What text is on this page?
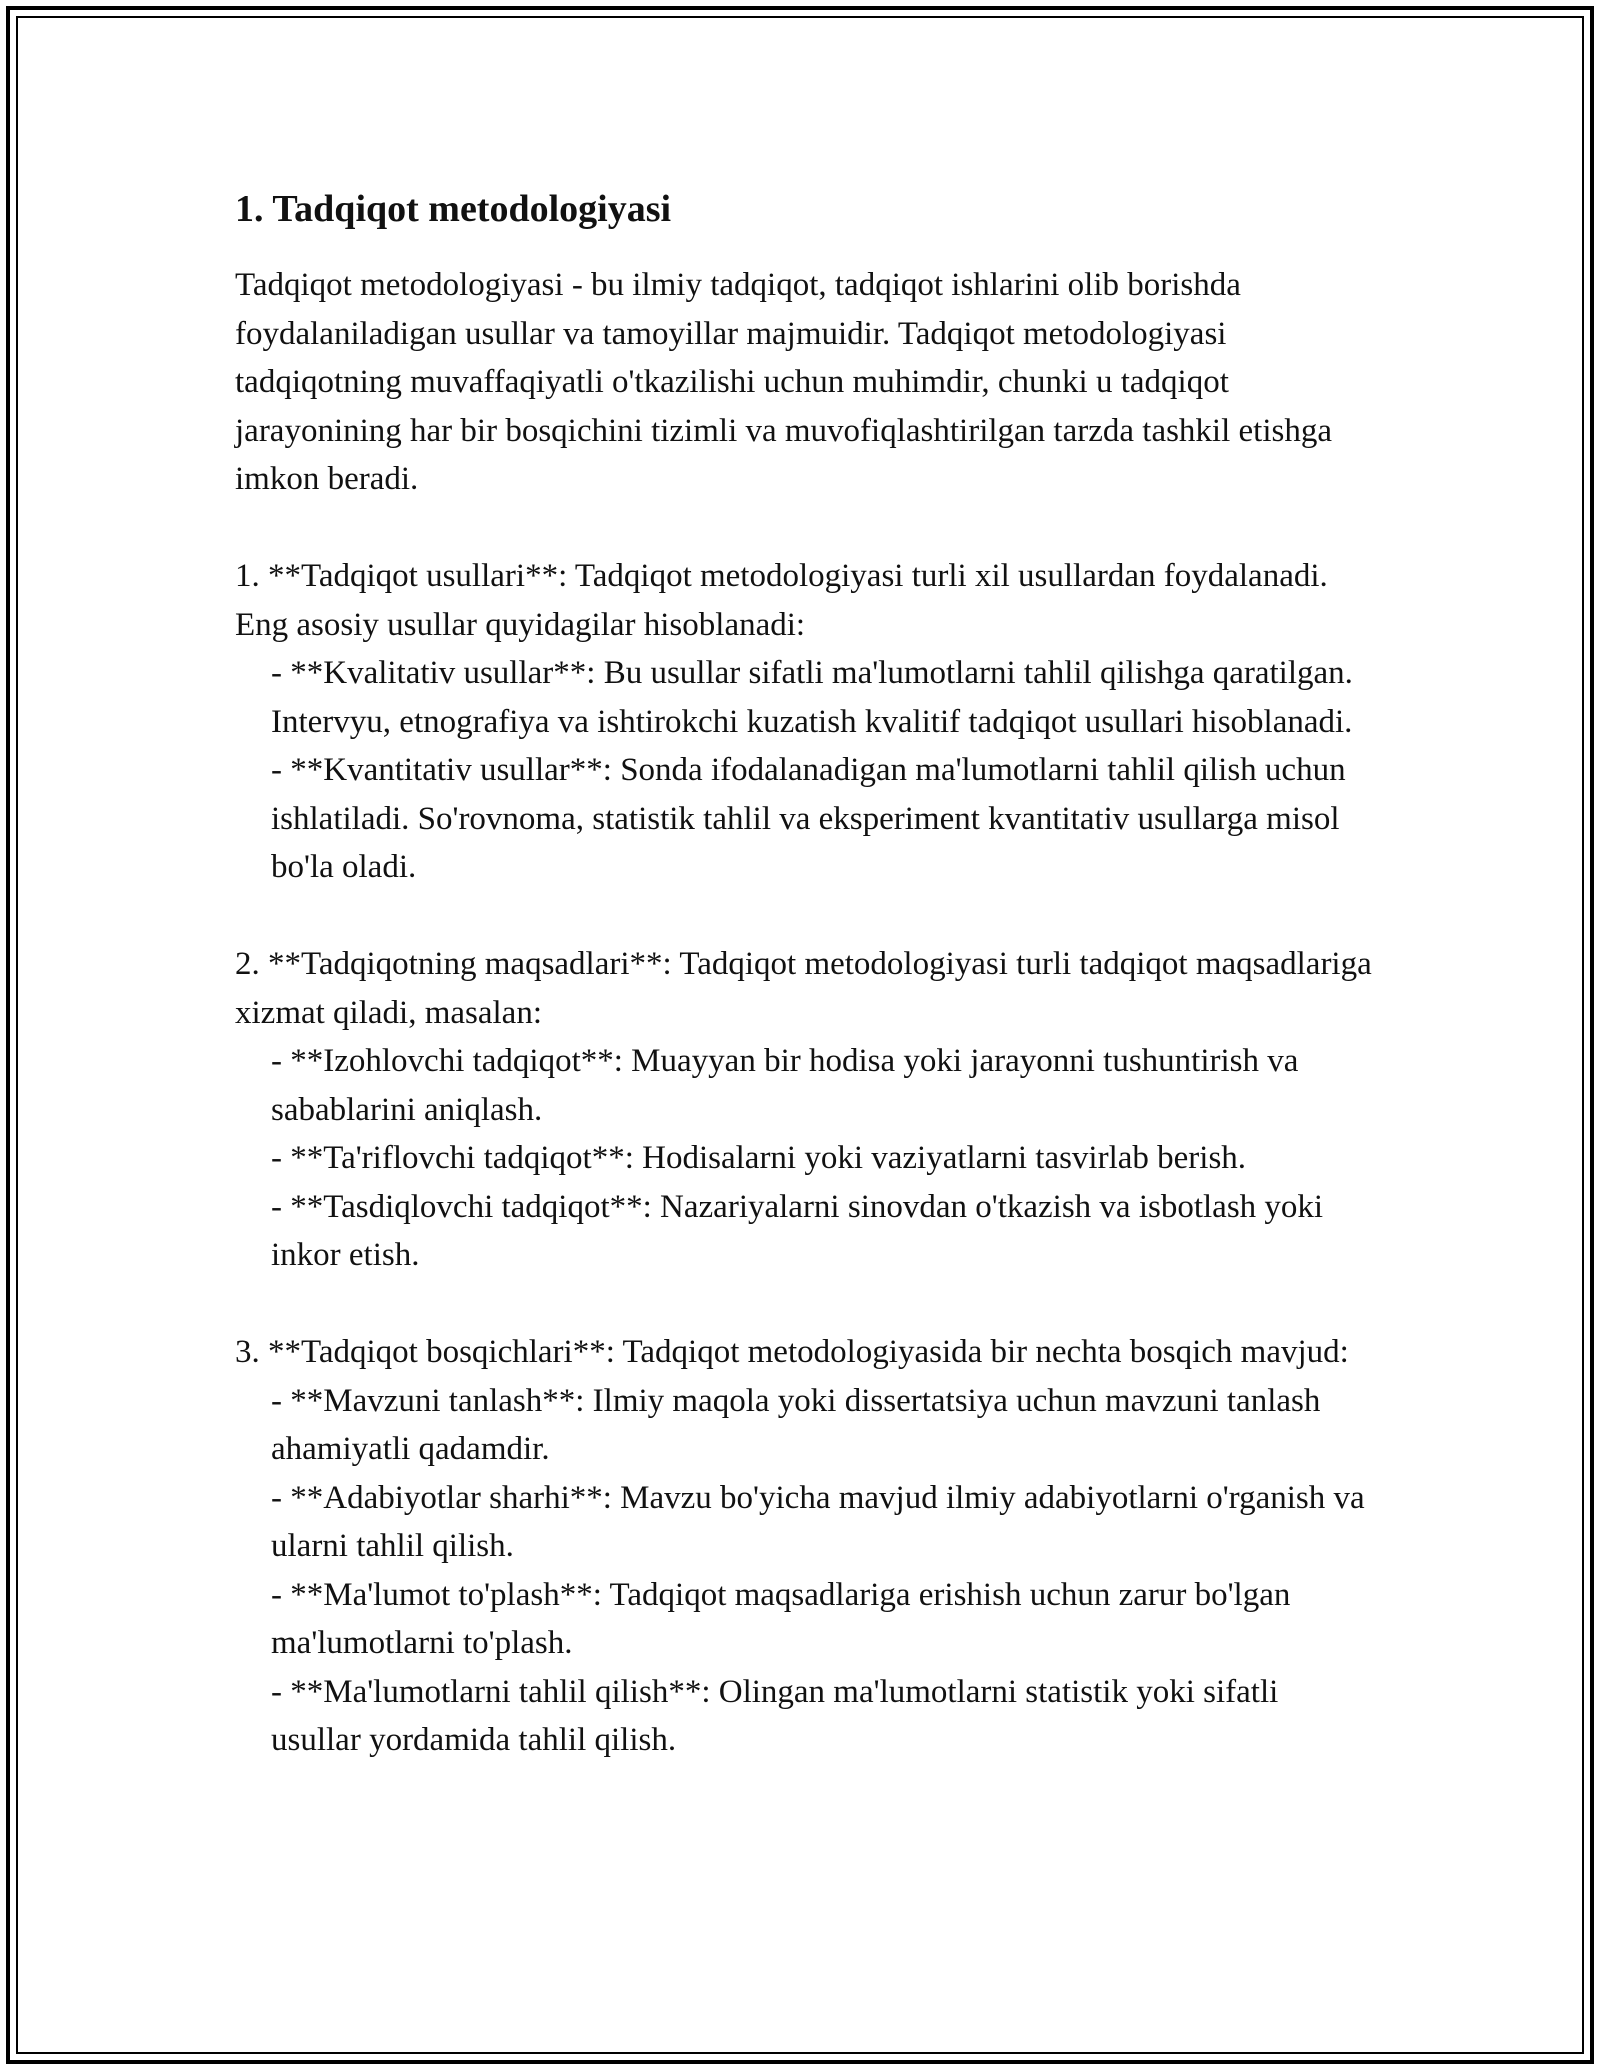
1. Tadqiqot metodologiyasi

Tadqiqot metodologiyasi - bu ilmiy tadqiqot, tadqiqot ishlarini olib borishda foydalaniladigan usullar va tamoyillar majmuidir. Tadqiqot metodologiyasi tadqiqotning muvaffaqiyatli o'tkazilishi uchun muhimdir, chunki u tadqiqot jarayonining har bir bosqichini tizimli va muvofiqlashtirilgan tarzda tashkil etishga imkon beradi.

1. **Tadqiqot usullari**: Tadqiqot metodologiyasi turli xil usullardan foydalanadi. Eng asosiy usullar quyidagilar hisoblanadi:

- **Kvalitativ usullar**: Bu usullar sifatli ma'lumotlarni tahlil qilishga qaratilgan. Intervyu, etnografiya va ishtirokchi kuzatish kvalitif tadqiqot usullari hisoblanadi.

- **Kvantitativ usullar**: Sonda ifodalanadigan ma'lumotlarni tahlil qilish uchun ishlatiladi. So'rovnoma, statistik tahlil va eksperiment kvantitativ usullarga misol bo'la oladi.

2. **Tadqiqotning maqsadlari**: Tadqiqot metodologiyasi turli tadqiqot maqsadlariga xizmat qiladi, masalan:

- **Izohlovchi tadqiqot**: Muayyan bir hodisa yoki jarayonni tushuntirish va sabablarini aniqlash.

- **Ta'riflovchi tadqiqot**: Hodisalarni yoki vaziyatlarni tasvirlab berish.

- **Tasdiqlovchi tadqiqot**: Nazariyalarni sinovdan o'tkazish va isbotlash yoki inkor etish.

3. **Tadqiqot bosqichlari**: Tadqiqot metodologiyasida bir nechta bosqich mavjud:

- **Mavzuni tanlash**: Ilmiy maqola yoki dissertatsiya uchun mavzuni tanlash ahamiyatli qadamdir.

- **Adabiyotlar sharhi**: Mavzu bo'yicha mavjud ilmiy adabiyotlarni o'rganish va ularni tahlil qilish.

- **Ma'lumot to'plash**: Tadqiqot maqsadlariga erishish uchun zarur bo'lgan ma'lumotlarni to'plash.

- **Ma'lumotlarni tahlil qilish**: Olingan ma'lumotlarni statistik yoki sifatli usullar yordamida tahlil qilish.
